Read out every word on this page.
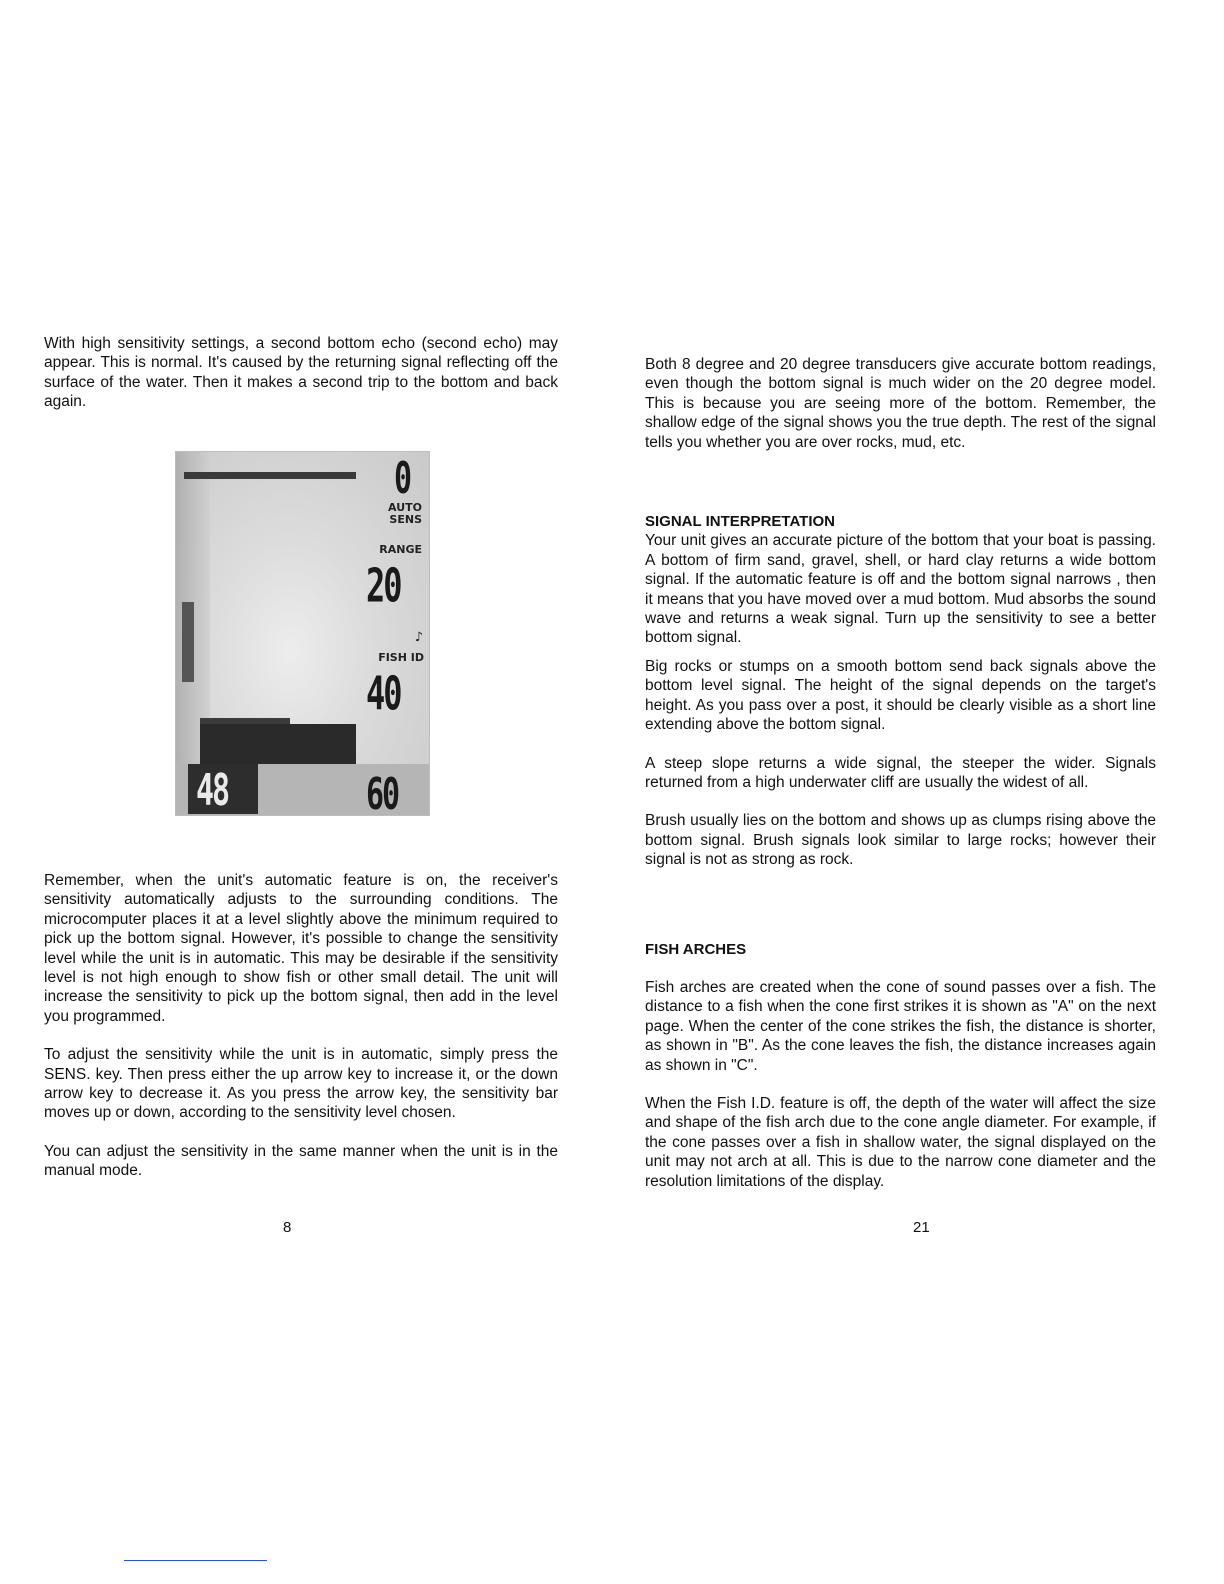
With high sensitivity settings, a second bottom echo (second echo) may appear. This is normal. It's caused by the returning signal reflecting off the surface of the water. Then it makes a second trip to the bottom and back again.

0
AUTO
SENS
RANGE
20
♪
FISH ID
40
48	60

Remember, when the unit's automatic feature is on, the receiver's sensitivity automatically adjusts to the surrounding conditions. The microcomputer places it at a level slightly above the minimum required to pick up the bottom signal. However, it's possible to change the sensitivity level while the unit is in automatic. This may be desirable if the sensitivity level is not high enough to show fish or other small detail. The unit will increase the sensitivity to pick up the bottom signal, then add in the level you programmed.

To adjust the sensitivity while the unit is in automatic, simply press the SENS. key. Then press either the up arrow key to increase it, or the down arrow key to decrease it. As you press the arrow key, the sensitivity bar moves up or down, according to the sensitivity level chosen.

You can adjust the sensitivity in the same manner when the unit is in the manual mode.

8

Both 8 degree and 20 degree transducers give accurate bottom readings, even though the bottom signal is much wider on the 20 degree model. This is because you are seeing more of the bottom. Remember, the shallow edge of the signal shows you the true depth. The rest of the signal tells you whether you are over rocks, mud, etc.

SIGNAL INTERPRETATION

Your unit gives an accurate picture of the bottom that your boat is passing. A bottom of firm sand, gravel, shell, or hard clay returns a wide bottom signal. If the automatic feature is off and the bottom signal narrows , then it means that you have moved over a mud bottom. Mud absorbs the sound wave and returns a weak signal. Turn up the sensitivity to see a better bottom signal.

Big rocks or stumps on a smooth bottom send back signals above the bottom level signal. The height of the signal depends on the target's height. As you pass over a post, it should be clearly visible as a short line extending above the bottom signal.

A steep slope returns a wide signal, the steeper the wider. Signals returned from a high underwater cliff are usually the widest of all.

Brush usually lies on the bottom and shows up as clumps rising above the bottom signal. Brush signals look similar to large rocks; however their signal is not as strong as rock.

FISH ARCHES

Fish arches are created when the cone of sound passes over a fish. The distance to a fish when the cone first strikes it is shown as "A" on the next page. When the center of the cone strikes the fish, the distance is shorter, as shown in "B". As the cone leaves the fish, the distance increases again as shown in "C".

When the Fish I.D. feature is off, the depth of the water will affect the size and shape of the fish arch due to the cone angle diameter. For example, if the cone passes over a fish in shallow water, the signal displayed on the unit may not arch at all. This is due to the narrow cone diameter and the resolution limitations of the display.

21
